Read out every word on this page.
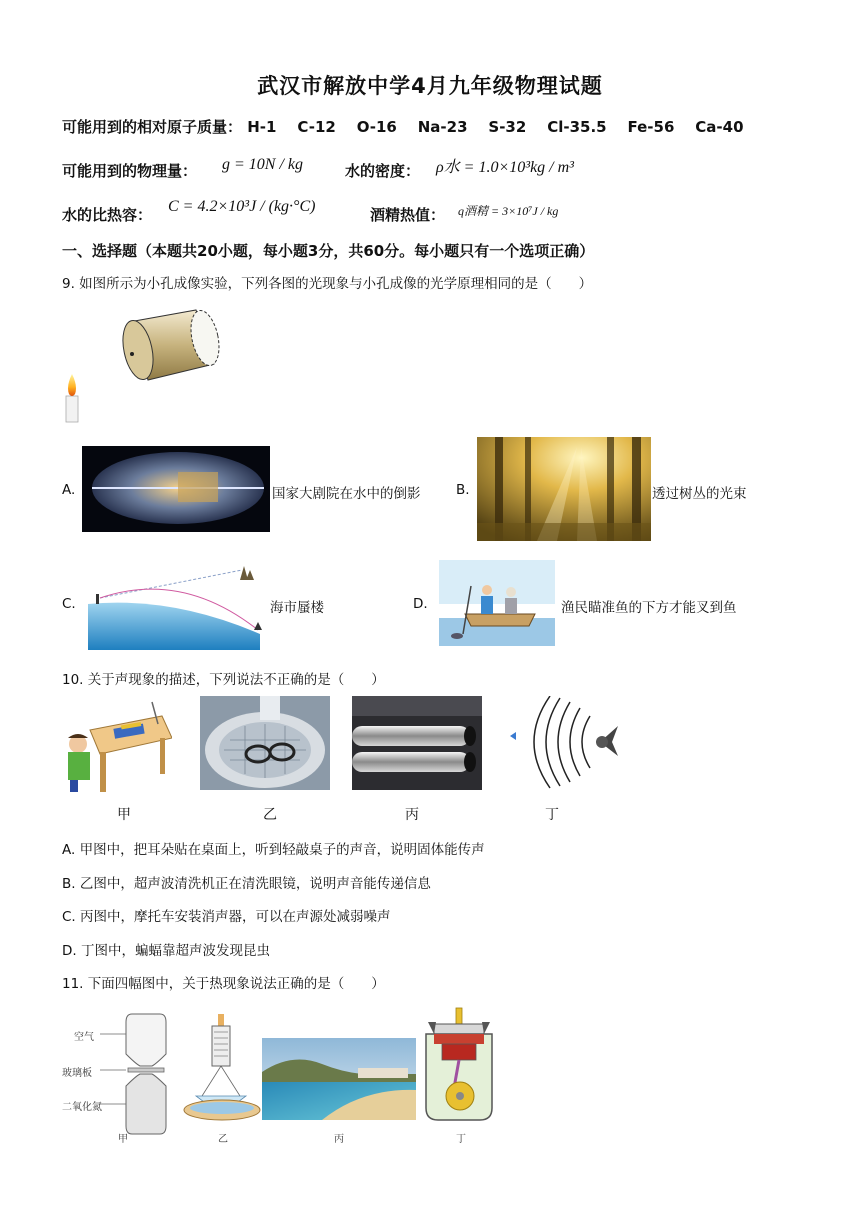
武汉市解放中学4月九年级物理试题
可能用到的相对原子质量： H-1 C-12 O-16 Na-23 S-32 Cl-35.5 Fe-56 Ca-40
可能用到的物理量： g = 10N / kg	水的密度： ρ水 = 1.0×10³kg / m³
水的比热容： C = 4.2×10³J / (kg·°C)	酒精热值： q酒精 = 3×10⁷J / kg
一、选择题（本题共20小题，每小题3分，共60分。每小题只有一个选项正确）
9. 如图所示为小孔成像实验，下列各图的光现象与小孔成像的光学原理相同的是（　　）
A.	国家大剧院在水中的倒影	B.	透过树丛的光束
C.	海市蜃楼	D.	渔民瞄准鱼的下方才能叉到鱼
10. 关于声现象的描述，下列说法不正确的是（　　）
甲	乙	丙	丁
A. 甲图中，把耳朵贴在桌面上，听到轻敲桌子的声音，说明固体能传声
B. 乙图中，超声波清洗机正在清洗眼镜，说明声音能传递信息
C. 丙图中，摩托车安装消声器，可以在声源处减弱噪声
D. 丁图中，蝙蝠靠超声波发现昆虫
11. 下面四幅图中，关于热现象说法正确的是（　　）
空气
玻璃板
二氧化氮
甲	乙	丙	丁
